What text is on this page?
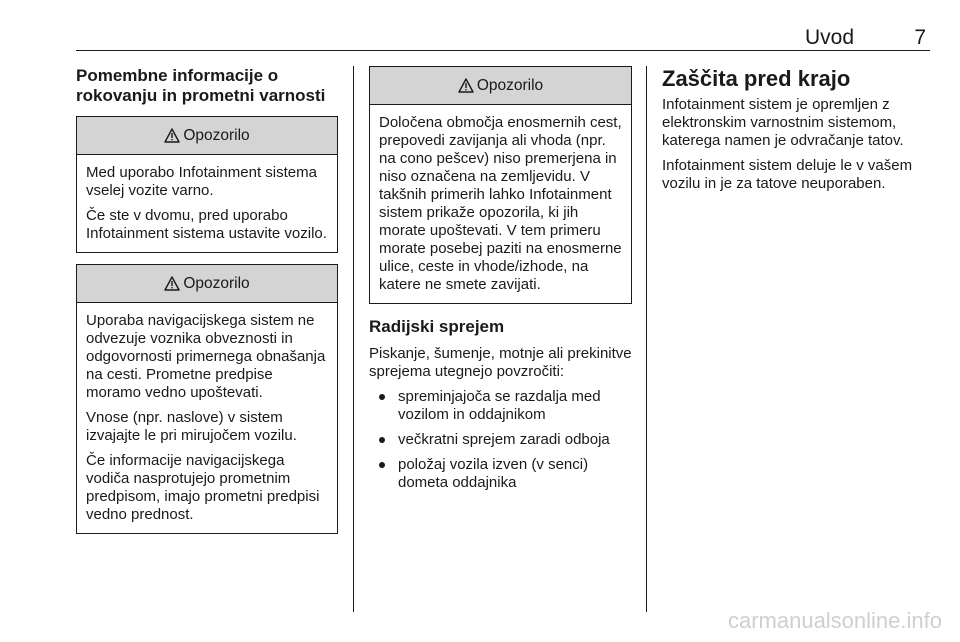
Uvod	7
Pomembne informacije o
rokovanju in prometni varnosti
Opozorilo

Med uporabo Infotainment sistema vselej vozite varno.

Če ste v dvomu, pred uporabo Infotainment sistema ustavite vozilo.

Opozorilo

Uporaba navigacijskega sistem ne odvezuje voznika obveznosti in odgovornosti primernega obnašanja na cesti. Prometne predpise moramo vedno upoštevati.

Vnose (npr. naslove) v sistem izvajajte le pri mirujočem vozilu.

Če informacije navigacijskega vodiča nasprotujejo prometnim predpisom, imajo prometni predpisi vedno prednost.

Opozorilo

Določena območja enosmernih cest, prepovedi zavijanja ali vhoda (npr. na cono pešcev) niso premerjena in niso označena na zemljevidu. V takšnih primerih lahko Infotainment sistem prikaže opozorila, ki jih morate upoštevati. V tem primeru morate posebej paziti na enosmerne ulice, ceste in vhode/izhode, na katere ne smete zavijati.

Radijski sprejem

Piskanje, šumenje, motnje ali prekinitve sprejema utegnejo povzročiti:

spreminjajoča se razdalja med vozilom in oddajnikom
večkratni sprejem zaradi odboja
položaj vozila izven (v senci) dometa oddajnika
Zaščita pred krajo

Infotainment sistem je opremljen z elektronskim varnostnim sistemom, katerega namen je odvračanje tatov.

Infotainment sistem deluje le v vašem vozilu in je za tatove neuporaben.

carmanualsonline.info
